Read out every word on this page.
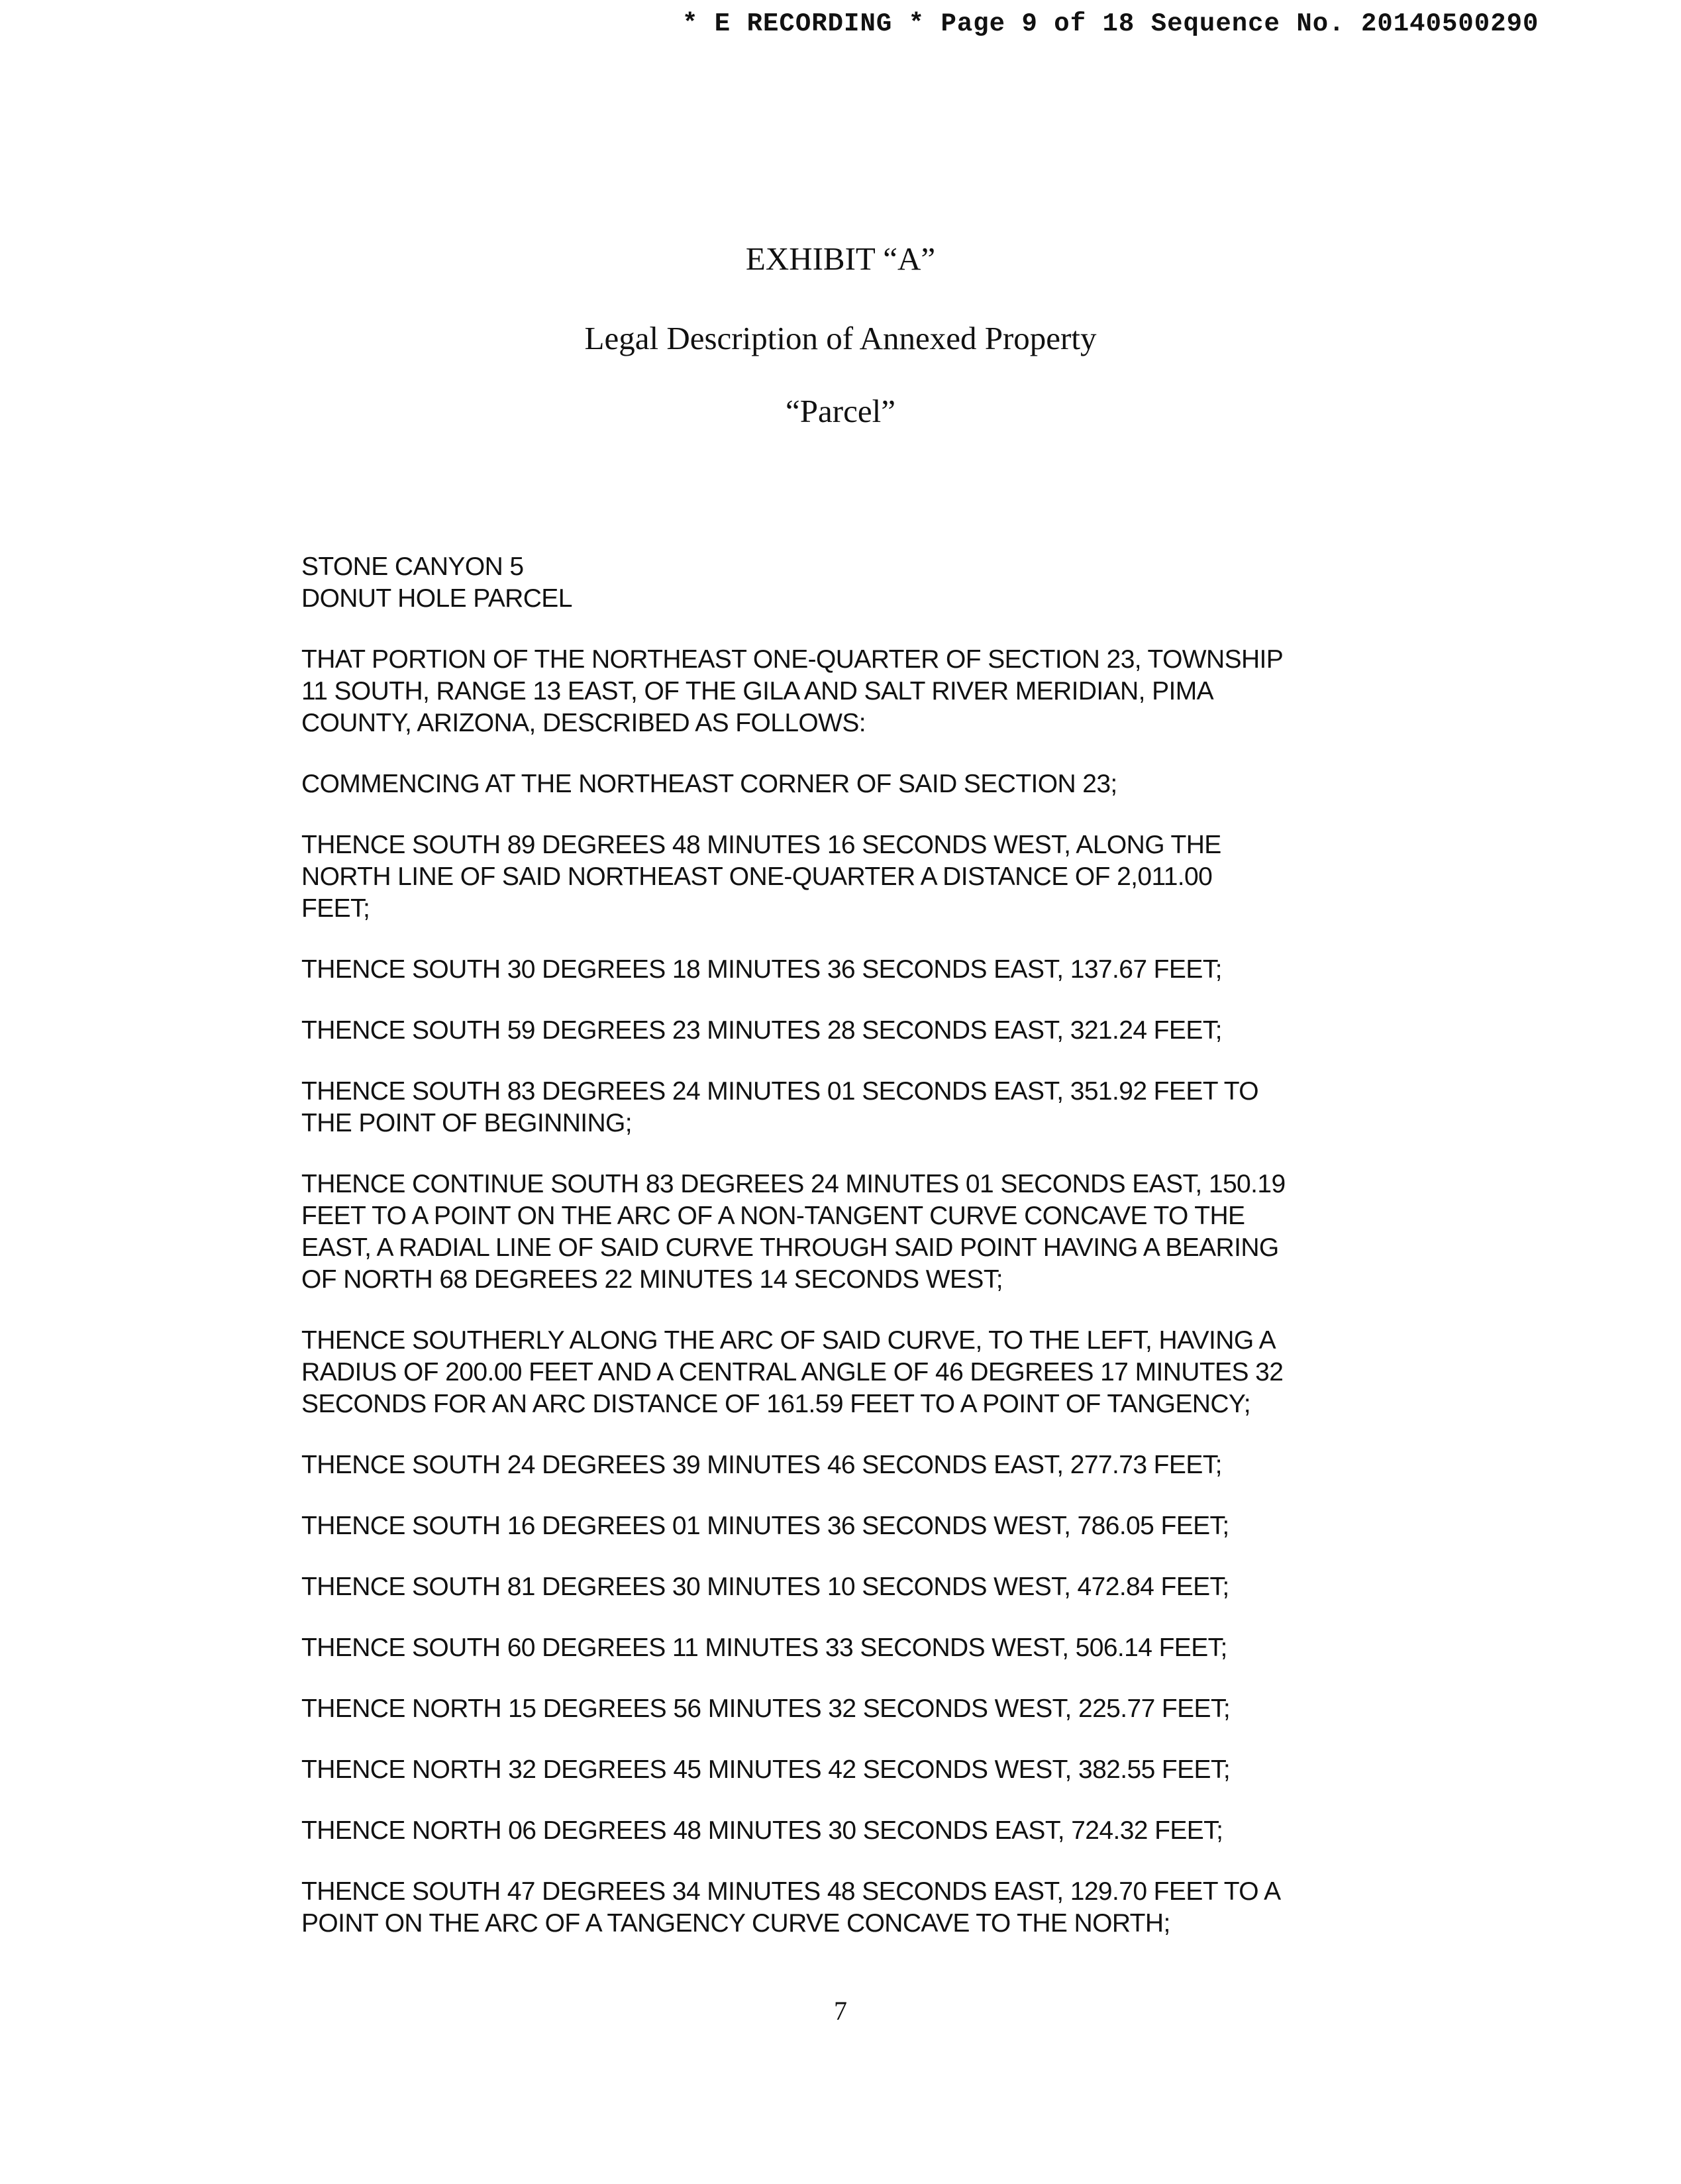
* E RECORDING * Page 9 of 18 Sequence No. 20140500290
EXHIBIT “A”
Legal Description of Annexed Property
“Parcel”
STONE CANYON 5
DONUT HOLE PARCEL
THAT PORTION OF THE NORTHEAST ONE-QUARTER OF SECTION 23, TOWNSHIP
11 SOUTH, RANGE 13 EAST, OF THE GILA AND SALT RIVER MERIDIAN, PIMA
COUNTY, ARIZONA, DESCRIBED AS FOLLOWS:
COMMENCING AT THE NORTHEAST CORNER OF SAID SECTION 23;
THENCE SOUTH 89 DEGREES 48 MINUTES 16 SECONDS WEST, ALONG THE
NORTH LINE OF SAID NORTHEAST ONE-QUARTER A DISTANCE OF 2,011.00
FEET;
THENCE SOUTH 30 DEGREES 18 MINUTES 36 SECONDS EAST, 137.67 FEET;
THENCE SOUTH 59 DEGREES 23 MINUTES 28 SECONDS EAST, 321.24 FEET;
THENCE SOUTH 83 DEGREES 24 MINUTES 01 SECONDS EAST, 351.92 FEET TO
THE POINT OF BEGINNING;
THENCE CONTINUE SOUTH 83 DEGREES 24 MINUTES 01 SECONDS EAST, 150.19
FEET TO A POINT ON THE ARC OF A NON-TANGENT CURVE CONCAVE TO THE
EAST, A RADIAL LINE OF SAID CURVE THROUGH SAID POINT HAVING A BEARING
OF NORTH 68 DEGREES 22 MINUTES 14 SECONDS WEST;
THENCE SOUTHERLY ALONG THE ARC OF SAID CURVE, TO THE LEFT, HAVING A
RADIUS OF 200.00 FEET AND A CENTRAL ANGLE OF 46 DEGREES 17 MINUTES 32
SECONDS FOR AN ARC DISTANCE OF 161.59 FEET TO A POINT OF TANGENCY;
THENCE SOUTH 24 DEGREES 39 MINUTES 46 SECONDS EAST, 277.73 FEET;
THENCE SOUTH 16 DEGREES 01 MINUTES 36 SECONDS WEST, 786.05 FEET;
THENCE SOUTH 81 DEGREES 30 MINUTES 10 SECONDS WEST, 472.84 FEET;
THENCE SOUTH 60 DEGREES 11 MINUTES 33 SECONDS WEST, 506.14 FEET;
THENCE NORTH 15 DEGREES 56 MINUTES 32 SECONDS WEST, 225.77 FEET;
THENCE NORTH 32 DEGREES 45 MINUTES 42 SECONDS WEST, 382.55 FEET;
THENCE NORTH 06 DEGREES 48 MINUTES 30 SECONDS EAST, 724.32 FEET;
THENCE SOUTH 47 DEGREES 34 MINUTES 48 SECONDS EAST, 129.70 FEET TO A
POINT ON THE ARC OF A TANGENCY CURVE CONCAVE TO THE NORTH;
7
